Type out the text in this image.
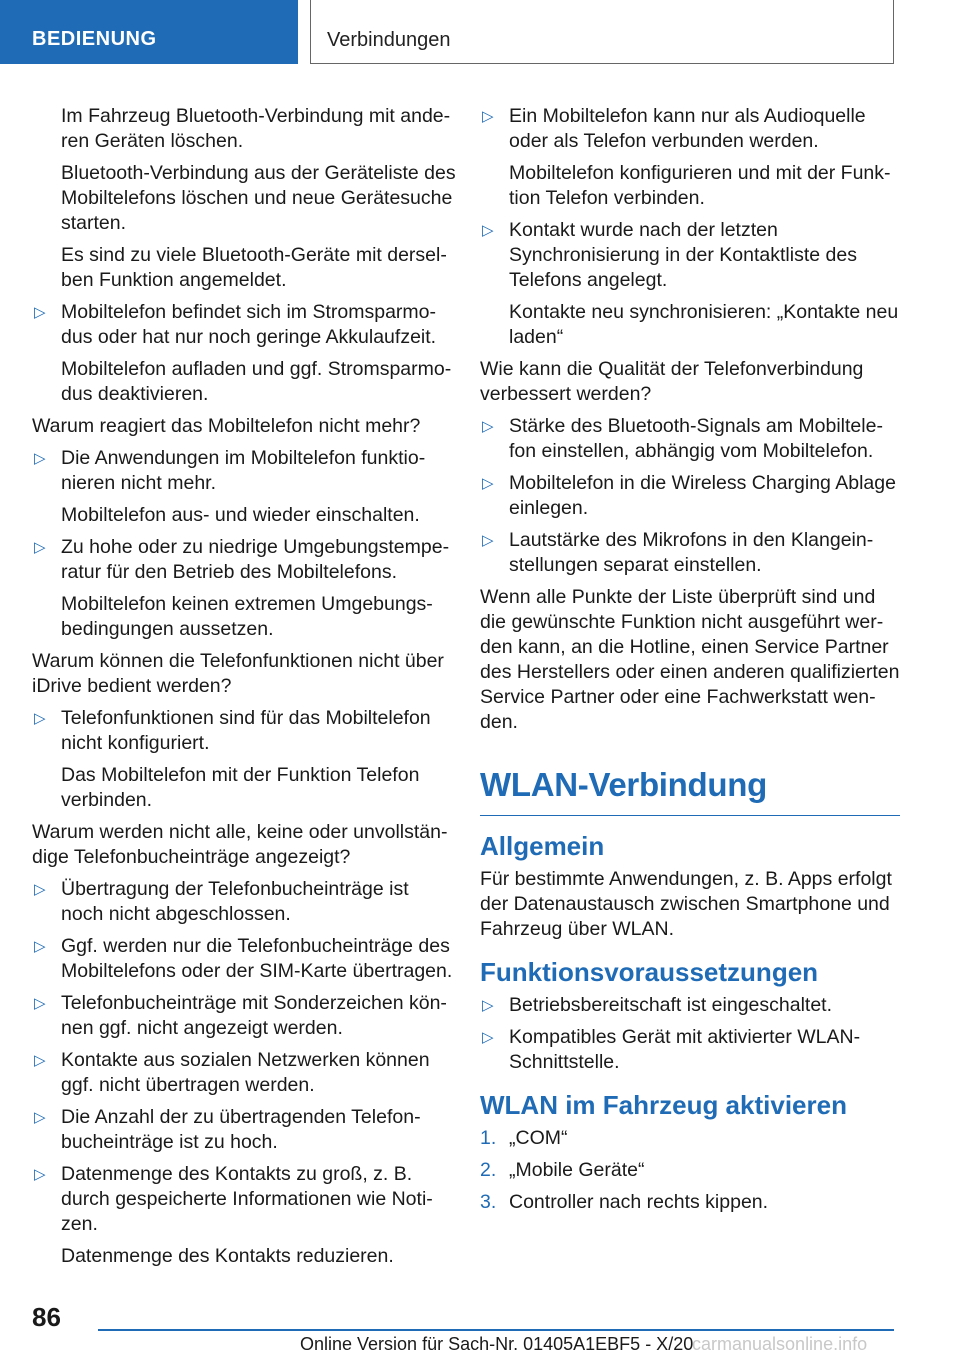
BEDIENUNG	Verbindungen
Im Fahrzeug Bluetooth-Verbindung mit anderen Geräten löschen.
Bluetooth-Verbindung aus der Geräteliste des Mobiltelefons löschen und neue Gerätesuche starten.
Es sind zu viele Bluetooth-Geräte mit derselben Funktion angemeldet.
▷ Mobiltelefon befindet sich im Stromsparmodus oder hat nur noch geringe Akkulaufzeit.
Mobiltelefon aufladen und ggf. Stromsparmodus deaktivieren.
Warum reagiert das Mobiltelefon nicht mehr?
▷ Die Anwendungen im Mobiltelefon funktionieren nicht mehr.
Mobiltelefon aus- und wieder einschalten.
▷ Zu hohe oder zu niedrige Umgebungstemperatur für den Betrieb des Mobiltelefons.
Mobiltelefon keinen extremen Umgebungsbedingungen aussetzen.
Warum können die Telefonfunktionen nicht über iDrive bedient werden?
▷ Telefonfunktionen sind für das Mobiltelefon nicht konfiguriert.
Das Mobiltelefon mit der Funktion Telefon verbinden.
Warum werden nicht alle, keine oder unvollständige Telefonbucheinträge angezeigt?
▷ Übertragung der Telefonbucheinträge ist noch nicht abgeschlossen.
▷ Ggf. werden nur die Telefonbucheinträge des Mobiltelefons oder der SIM-Karte übertragen.
▷ Telefonbucheinträge mit Sonderzeichen können ggf. nicht angezeigt werden.
▷ Kontakte aus sozialen Netzwerken können ggf. nicht übertragen werden.
▷ Die Anzahl der zu übertragenden Telefonbucheinträge ist zu hoch.
▷ Datenmenge des Kontakts zu groß, z. B. durch gespeicherte Informationen wie Notizen.
Datenmenge des Kontakts reduzieren.
▷ Ein Mobiltelefon kann nur als Audioquelle oder als Telefon verbunden werden.
Mobiltelefon konfigurieren und mit der Funktion Telefon verbinden.
▷ Kontakt wurde nach der letzten Synchronisierung in der Kontaktliste des Telefons angelegt.
Kontakte neu synchronisieren: „Kontakte neu laden“
Wie kann die Qualität der Telefonverbindung verbessert werden?
▷ Stärke des Bluetooth-Signals am Mobiltelefon einstellen, abhängig vom Mobiltelefon.
▷ Mobiltelefon in die Wireless Charging Ablage einlegen.
▷ Lautstärke des Mikrofons in den Klangeinstellungen separat einstellen.
Wenn alle Punkte der Liste überprüft sind und die gewünschte Funktion nicht ausgeführt werden kann, an die Hotline, einen Service Partner des Herstellers oder einen anderen qualifizierten Service Partner oder eine Fachwerkstatt wenden.
WLAN-Verbindung
Allgemein
Für bestimmte Anwendungen, z. B. Apps erfolgt der Datenaustausch zwischen Smartphone und Fahrzeug über WLAN.
Funktionsvoraussetzungen
▷ Betriebsbereitschaft ist eingeschaltet.
▷ Kompatibles Gerät mit aktivierter WLAN-Schnittstelle.
WLAN im Fahrzeug aktivieren
1. „COM“
2. „Mobile Geräte“
3. Controller nach rechts kippen.
86
Online Version für Sach-Nr. 01405A1EBF5 - X/20
carmanualsonline.info
